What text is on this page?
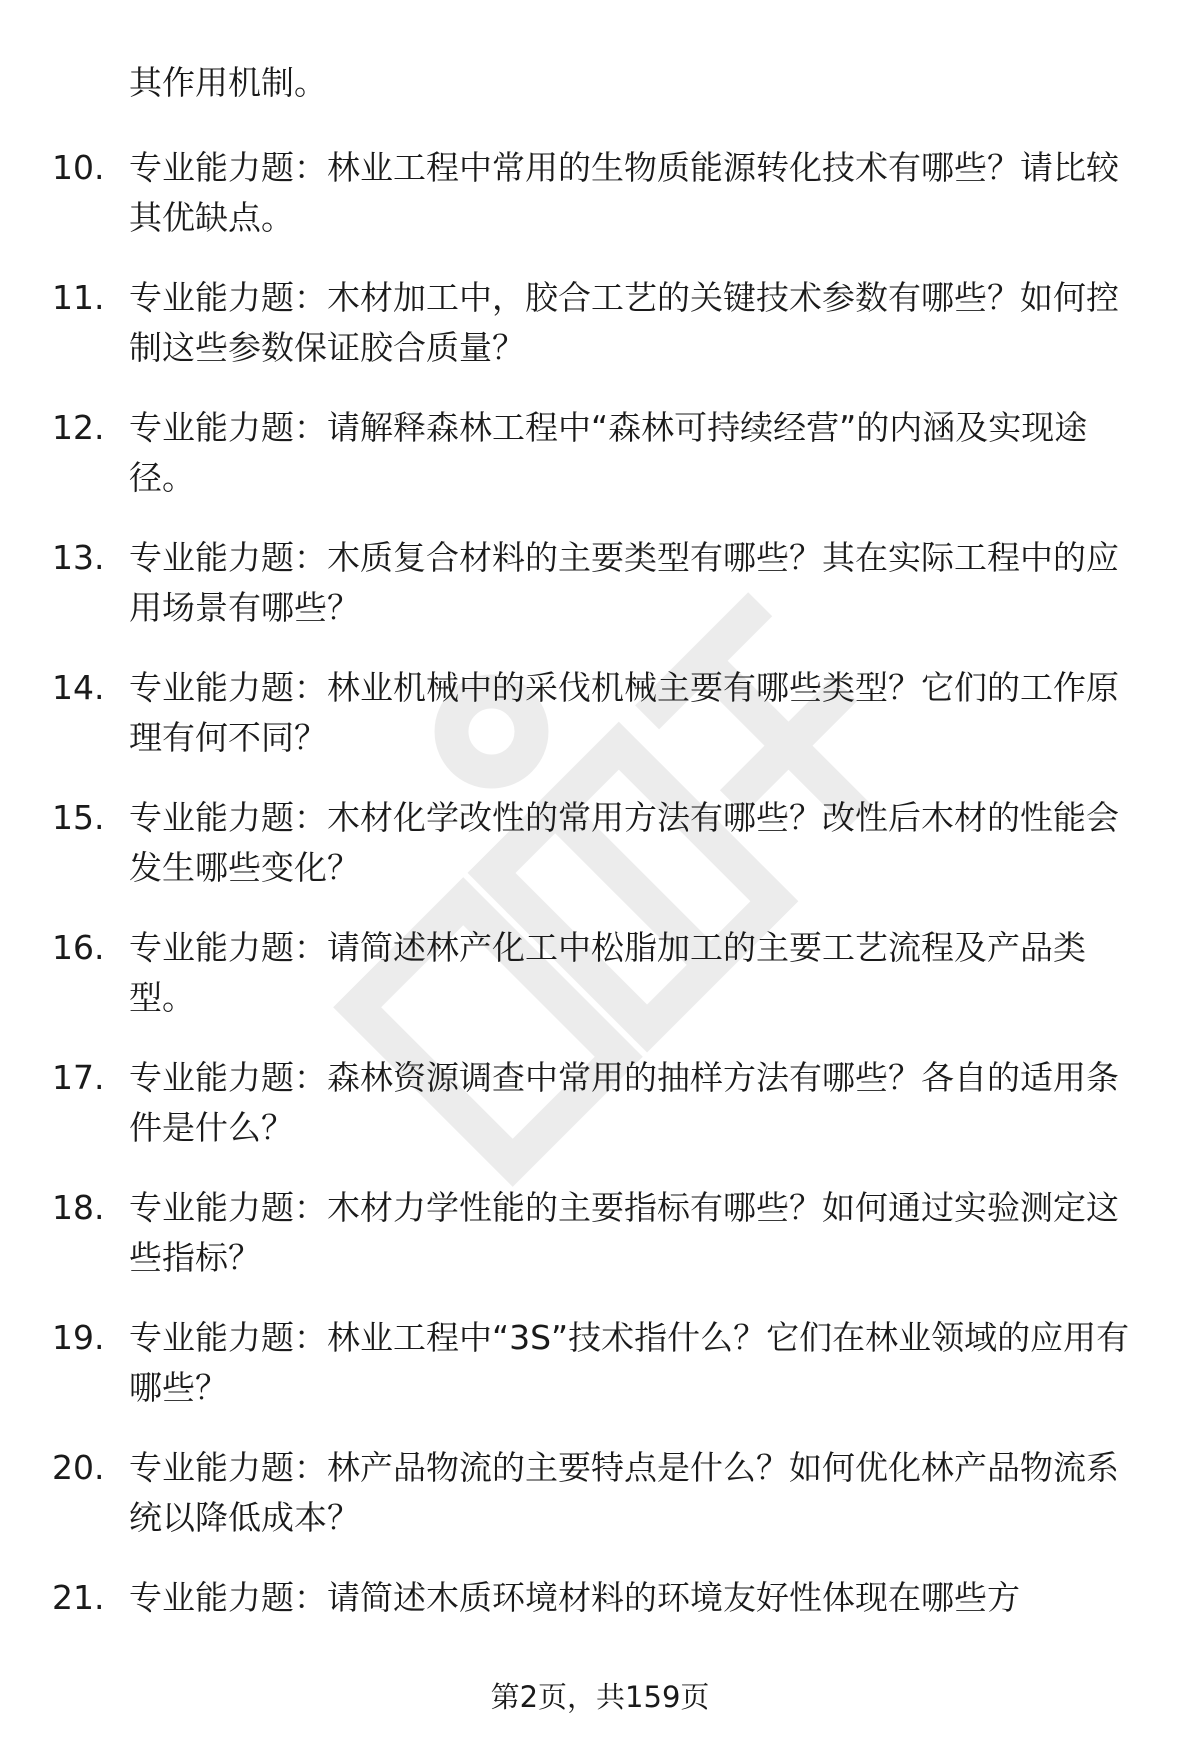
其作用机制。
10. 专业能力题：林业工程中常用的生物质能源转化技术有哪些？请比较其优缺点。
11. 专业能力题：木材加工中，胶合工艺的关键技术参数有哪些？如何控制这些参数保证胶合质量？
12. 专业能力题：请解释森林工程中“森林可持续经营”的内涵及实现途径。
13. 专业能力题：木质复合材料的主要类型有哪些？其在实际工程中的应用场景有哪些？
14. 专业能力题：林业机械中的采伐机械主要有哪些类型？它们的工作原理有何不同？
15. 专业能力题：木材化学改性的常用方法有哪些？改性后木材的性能会发生哪些变化？
16. 专业能力题：请简述林产化工中松脂加工的主要工艺流程及产品类型。
17. 专业能力题：森林资源调查中常用的抽样方法有哪些？各自的适用条件是什么？
18. 专业能力题：木材力学性能的主要指标有哪些？如何通过实验测定这些指标？
19. 专业能力题：林业工程中“3S”技术指什么？它们在林业领域的应用有哪些？
20. 专业能力题：林产品物流的主要特点是什么？如何优化林产品物流系统以降低成本？
21. 专业能力题：请简述木质环境材料的环境友好性体现在哪些方
第2页，共159页
